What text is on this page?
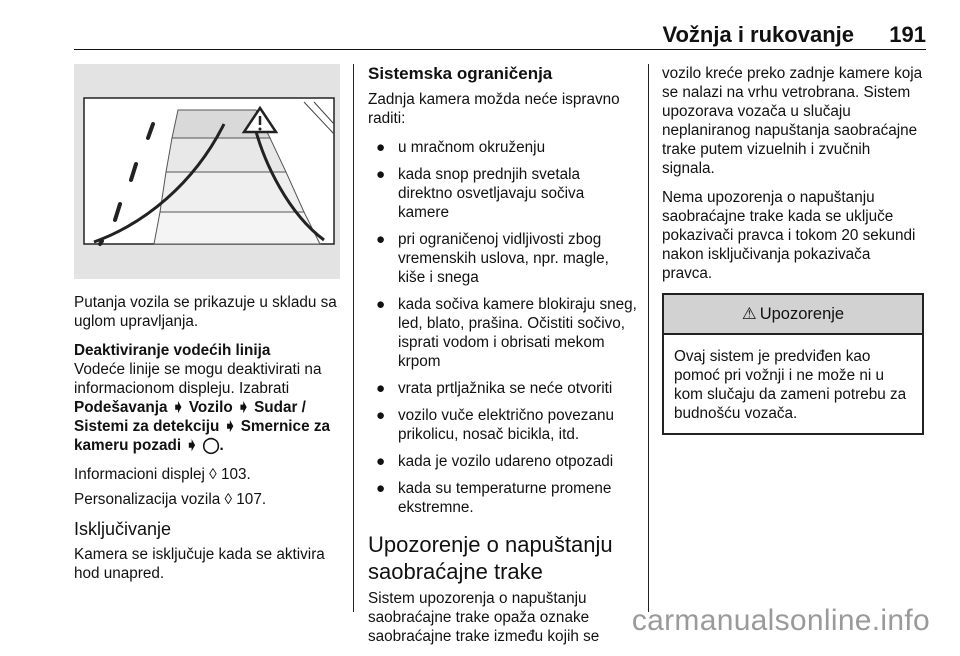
Vožnja i rukovanje 191

Putanja vozila se prikazuje u skladu sa uglom upravljanja.

Deaktiviranje vodećih linija

Vodeće linije se mogu deaktivirati na informacionom displeju. Izabrati

Podešavanja ➧ Vozilo ➧ Sudar / Sistemi za detekciju ➧ Smernice za kameru pozadi ➧ ◯.

Informacioni displej ◊ 103.

Personalizacija vozila ◊ 107.

Isključivanje

Kamera se isključuje kada se aktivira hod unapred.

Sistemska ograničenja

Zadnja kamera možda neće ispravno raditi:

● u mračnom okruženju
● kada snop prednjih svetala direktno osvetljavaju sočiva kamere
● pri ograničenoj vidljivosti zbog vremenskih uslova, npr. magle, kiše i snega
● kada sočiva kamere blokiraju sneg, led, blato, prašina. Očistiti sočivo, isprati vodom i obrisati mekom krpom
● vrata prtljažnika se neće otvoriti
● vozilo vuče električno povezanu prikolicu, nosač bicikla, itd.
● kada je vozilo udareno otpozadi
● kada su temperaturne promene ekstremne.
Upozorenje o napuštanju saobraćajne trake

Sistem upozorenja o napuštanju saobraćajne trake opaža oznake saobraćajne trake između kojih se

vozilo kreće preko zadnje kamere koja se nalazi na vrhu vetrobrana. Sistem upozorava vozača u slučaju neplaniranog napuštanja saobraćajne trake putem vizuelnih i zvučnih signala.

Nema upozorenja o napuštanju saobraćajne trake kada se uključe pokazivači pravca i tokom 20 sekundi nakon isključivanja pokazivača pravca.

⚠ Upozorenje
Ovaj sistem je predviđen kao pomoć pri vožnji i ne može ni u kom slučaju da zameni potrebu za budnošću vozača.
carmanualsonline.info
